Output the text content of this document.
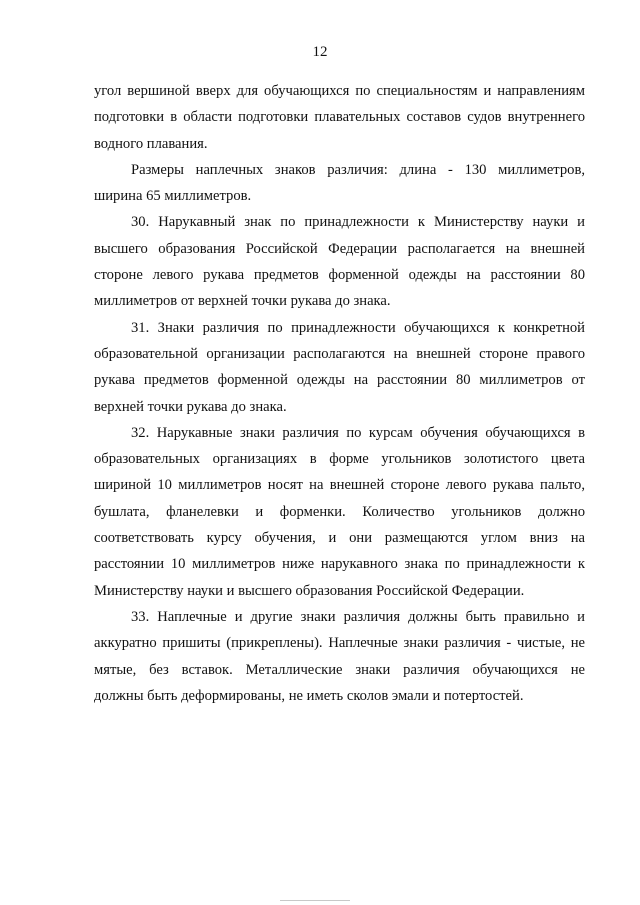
12

угол вершиной вверх для обучающихся по специальностям и направлениям
подготовки в области подготовки плавательных составов судов внутреннего
водного плавания.

Размеры наплечных знаков различия: длина - 130 миллиметров,
ширина 65 миллиметров.

30. Нарукавный знак по принадлежности к Министерству науки и
высшего образования Российской Федерации располагается на внешней
стороне левого рукава предметов форменной одежды на расстоянии 80
миллиметров от верхней точки рукава до знака.

31. Знаки различия по принадлежности обучающихся к конкретной
образовательной организации располагаются на внешней стороне правого
рукава предметов форменной одежды на расстоянии 80 миллиметров от
верхней точки рукава до знака.

32. Нарукавные знаки различия по курсам обучения обучающихся в
образовательных организациях в форме угольников золотистого цвета
шириной 10 миллиметров носят на внешней стороне левого рукава пальто,
бушлата, фланелевки и форменки. Количество угольников должно
соответствовать курсу обучения, и они размещаются углом вниз на
расстоянии 10 миллиметров ниже нарукавного знака по принадлежности к
Министерству науки и высшего образования Российской Федерации.

33. Наплечные и другие знаки различия должны быть правильно и
аккуратно пришиты (прикреплены). Наплечные знаки различия - чистые, не
мятые, без вставок. Металлические знаки различия обучающихся не
должны быть деформированы, не иметь сколов эмали и потертостей.
